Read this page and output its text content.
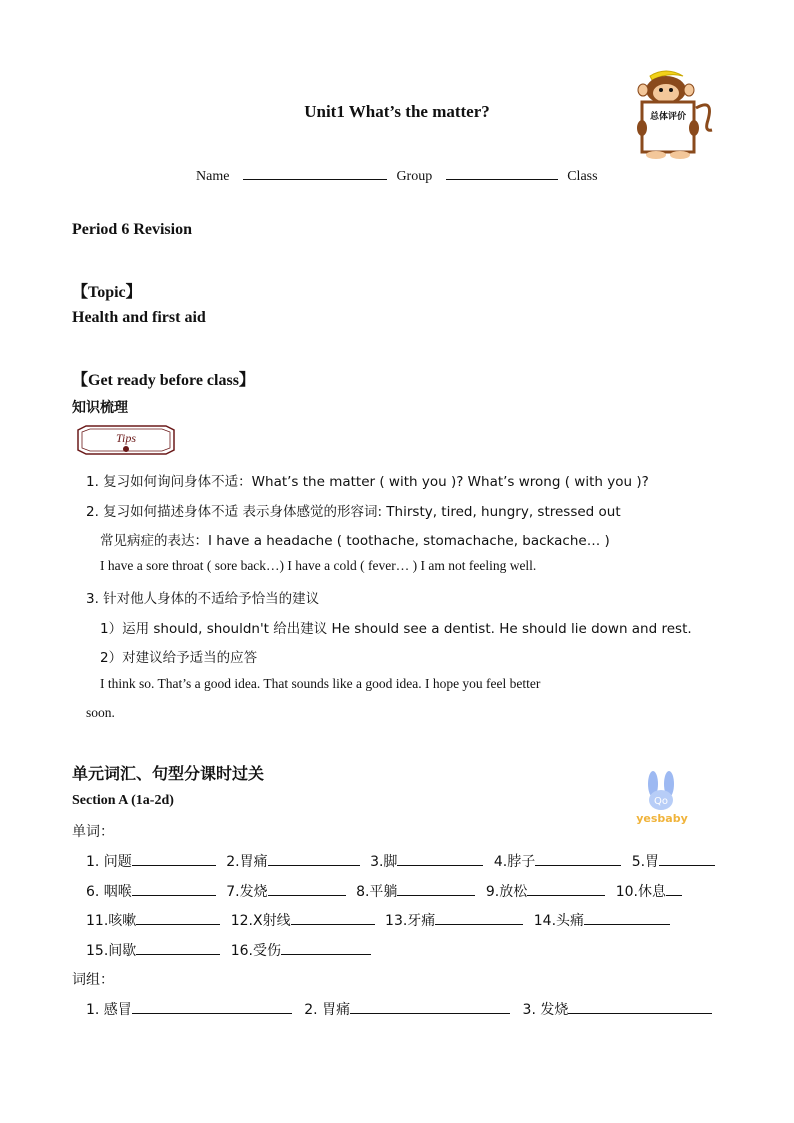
Unit1 What’s the matter?	总体评价
Name	Group	Class
Period 6 Revision
【Topic】
Health and first aid
【Get ready before class】
知识梳理
Tips
1. 复习如何询问身体不适：What’s the matter ( with you )? What’s wrong ( with you )?
2. 复习如何描述身体不适 表示身体感觉的形容词: Thirsty, tired, hungry, stressed out
常见病症的表达：I have a headache ( toothache, stomachache, backache… )
I have a sore throat ( sore back…) I have a cold ( fever… ) I am not feeling well.
3. 针对他人身体的不适给予恰当的建议
1）运用 should, shouldn't 给出建议 He should see a dentist. He should lie down and rest.
2）对建议给予适当的应答
I think so. That’s a good idea. That sounds like a good idea. I hope you feel better
soon.
单元词汇、句型分课时过关
Section A (1a-2d)	Qo
yesbaby
单词：
1. 问题	2.胃痛	3.脚	4.脖子	5.胃
6. 咽喉	7.发烧	8.平躺	9.放松	10.休息
11.咳嗽	12.X射线	13.牙痛	14.头痛
15.间歇	16.受伤
词组：
1. 感冒	2. 胃痛	3. 发烧
